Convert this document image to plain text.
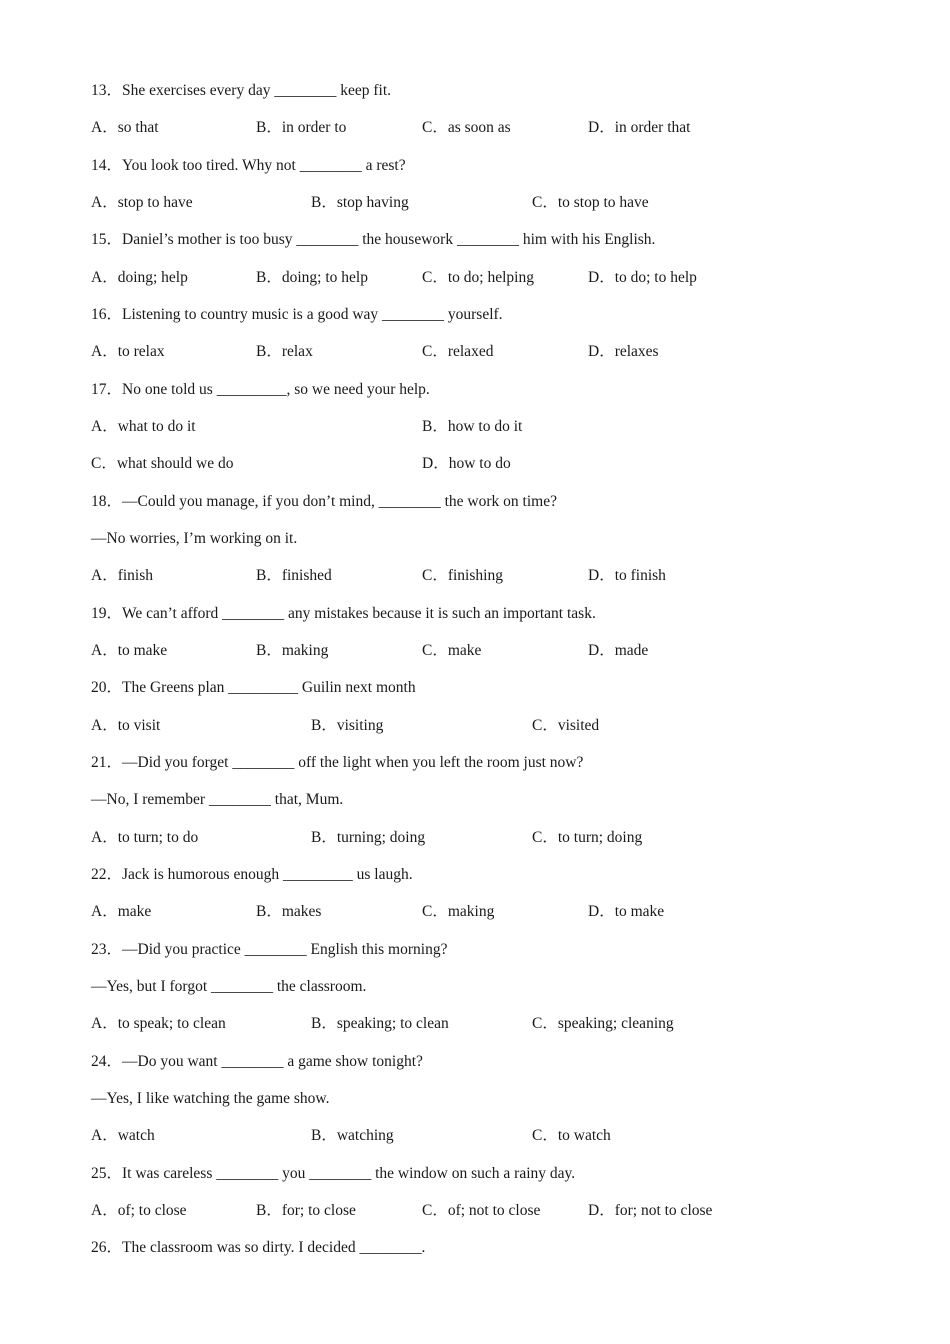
13．She exercises every day ________ keep fit.
A．so that	B．in order to	C．as soon as	D．in order that
14．You look too tired. Why not ________ a rest?
A．stop to have	B．stop having	C．to stop to have
15．Daniel’s mother is too busy ________ the housework ________ him with his English.
A．doing; help	B．doing; to help	C．to do; helping	D．to do; to help
16．Listening to country music is a good way ________ yourself.
A．to relax	B．relax	C．relaxed	D．relaxes
17．No one told us _________, so we need your help.
A．what to do it	B．how to do it
C．what should we do	D．how to do
18．—Could you manage, if you don’t mind, ________ the work on time?
—No worries, I’m working on it.
A．finish	B．finished	C．finishing	D．to finish
19．We can’t afford ________ any mistakes because it is such an important task.
A．to make	B．making	C．make	D．made
20．The Greens plan _________ Guilin next month
A．to visit	B．visiting	C．visited
21．—Did you forget ________ off the light when you left the room just now?
—No, I remember ________ that, Mum.
A．to turn; to do	B．turning; doing	C．to turn; doing
22．Jack is humorous enough _________ us laugh.
A．make	B．makes	C．making	D．to make
23．—Did you practice ________ English this morning?
—Yes, but I forgot ________ the classroom.
A．to speak; to clean	B．speaking; to clean	C．speaking; cleaning
24．—Do you want ________ a game show tonight?
—Yes, I like watching the game show.
A．watch	B．watching	C．to watch
25．It was careless ________ you ________ the window on such a rainy day.
A．of; to close	B．for; to close	C．of; not to close	D．for; not to close
26．The classroom was so dirty. I decided ________.
